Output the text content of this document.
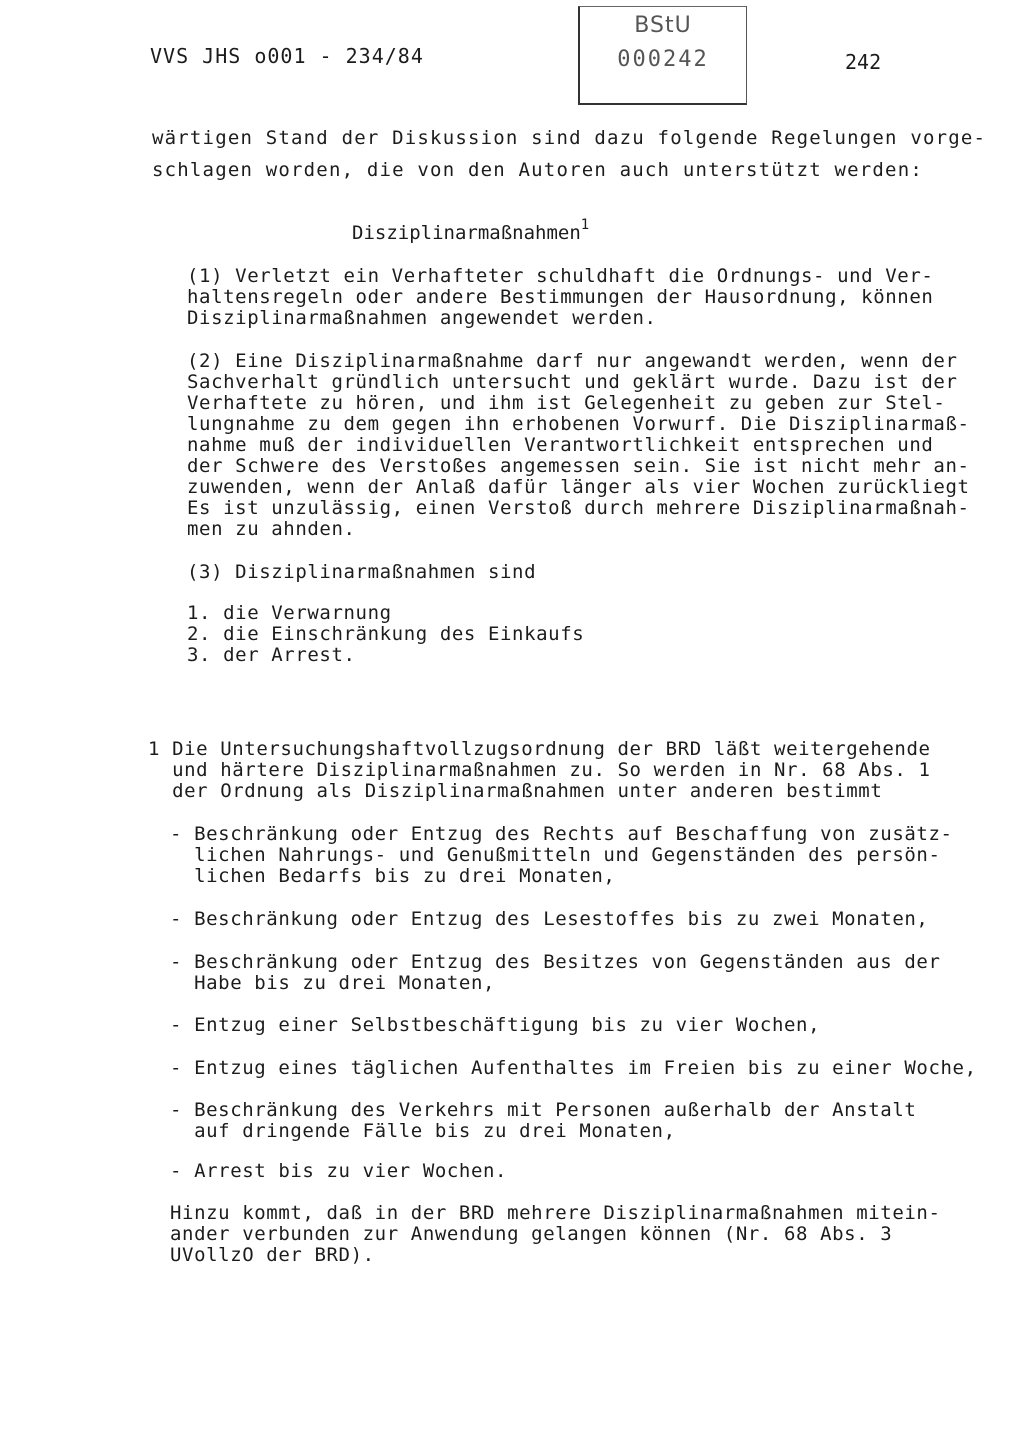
VVS JHS o001 - 234/84	242
BStU
000242
wärtigen Stand der Diskussion sind dazu folgende Regelungen vorge-
schlagen worden, die von den Autoren auch unterstützt werden:
Disziplinarmaßnahmen$^1$
(1) Verletzt ein Verhafteter schuldhaft die Ordnungs- und Ver-
haltensregeln oder andere Bestimmungen der Hausordnung, können
Disziplinarmaßnahmen angewendet werden.
(2) Eine Disziplinarmaßnahme darf nur angewandt werden, wenn der
Sachverhalt gründlich untersucht und geklärt wurde. Dazu ist der
Verhaftete zu hören, und ihm ist Gelegenheit zu geben zur Stel-
lungnahme zu dem gegen ihn erhobenen Vorwurf. Die Disziplinarmaß-
nahme muß der individuellen Verantwortlichkeit entsprechen und
der Schwere des Verstoßes angemessen sein. Sie ist nicht mehr an-
zuwenden, wenn der Anlaß dafür länger als vier Wochen zurückliegt
Es ist unzulässig, einen Verstoß durch mehrere Disziplinarmaßnah-
men zu ahnden.
(3) Disziplinarmaßnahmen sind
1. die Verwarnung
2. die Einschränkung des Einkaufs
3. der Arrest.
1 Die Untersuchungshaftvollzugsordnung der BRD läßt weitergehende
und härtere Disziplinarmaßnahmen zu. So werden in Nr. 68 Abs. 1
der Ordnung als Disziplinarmaßnahmen unter anderen bestimmt
- Beschränkung oder Entzug des Rechts auf Beschaffung von zusätz-
lichen Nahrungs- und Genußmitteln und Gegenständen des persön-
lichen Bedarfs bis zu drei Monaten,
- Beschränkung oder Entzug des Lesestoffes bis zu zwei Monaten,
- Beschränkung oder Entzug des Besitzes von Gegenständen aus der
Habe bis zu drei Monaten,
- Entzug einer Selbstbeschäftigung bis zu vier Wochen,
- Entzug eines täglichen Aufenthaltes im Freien bis zu einer Woche,
- Beschränkung des Verkehrs mit Personen außerhalb der Anstalt
auf dringende Fälle bis zu drei Monaten,
- Arrest bis zu vier Wochen.
Hinzu kommt, daß in der BRD mehrere Disziplinarmaßnahmen mitein-
ander verbunden zur Anwendung gelangen können (Nr. 68 Abs. 3
UVollzO der BRD).
